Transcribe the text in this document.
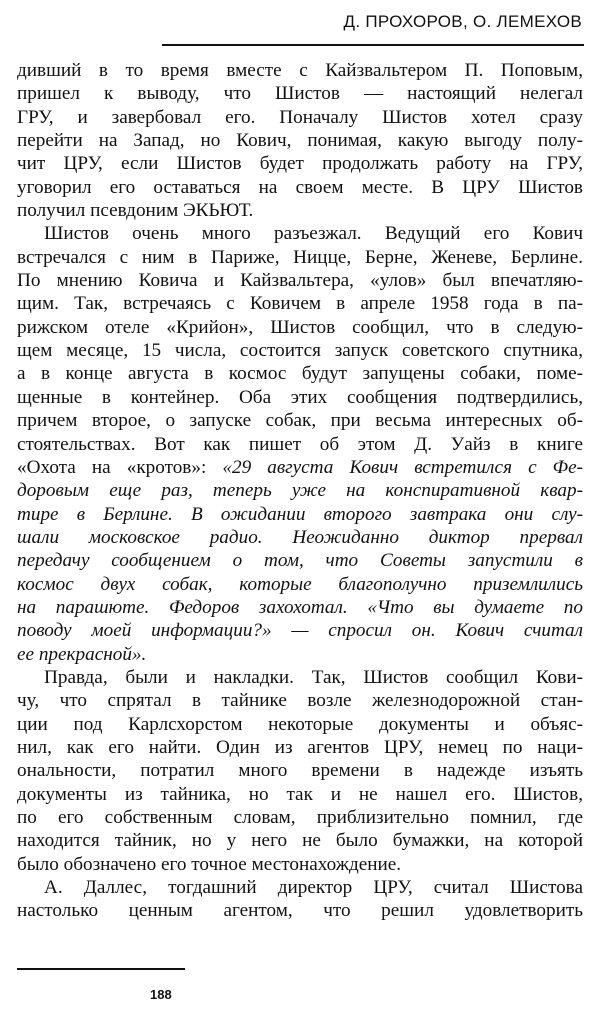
Д. ПРОХОРОВ, О. ЛЕМЕХОВ
дивший в то время вместе с Кайзвальтером П. Поповым,
пришел к выводу, что Шистов — настоящий нелегал
ГРУ, и завербовал его. Поначалу Шистов хотел сразу
перейти на Запад, но Кович, понимая, какую выгоду полу-
чит ЦРУ, если Шистов будет продолжать работу на ГРУ,
уговорил его оставаться на своем месте. В ЦРУ Шистов
получил псевдоним ЭКЬЮТ.
Шистов очень много разъезжал. Ведущий его Кович
встречался с ним в Париже, Ницце, Берне, Женеве, Берлине.
По мнению Ковича и Кайзвальтера, «улов» был впечатляю-
щим. Так, встречаясь с Ковичем в апреле 1958 года в па-
рижском отеле «Крийон», Шистов сообщил, что в следую-
щем месяце, 15 числа, состоится запуск советского спутника,
а в конце августа в космос будут запущены собаки, поме-
щенные в контейнер. Оба этих сообщения подтвердились,
причем второе, о запуске собак, при весьма интересных об-
стоятельствах. Вот как пишет об этом Д. Уайз в книге
«Охота на «кротов»: «29 августа Кович встретился с Фе-
доровым еще раз, теперь уже на конспиративной квар-
тире в Берлине. В ожидании второго завтрака они слу-
шали московское радио. Неожиданно диктор прервал
передачу сообщением о том, что Советы запустили в
космос двух собак, которые благополучно приземлились
на парашюте. Федоров захохотал. «Что вы думаете по
поводу моей информации?» — спросил он. Кович считал
ее прекрасной».
Правда, были и накладки. Так, Шистов сообщил Кови-
чу, что спрятал в тайнике возле железнодорожной стан-
ции под Карлсхорстом некоторые документы и объяс-
нил, как его найти. Один из агентов ЦРУ, немец по наци-
ональности, потратил много времени в надежде изъять
документы из тайника, но так и не нашел его. Шистов,
по его собственным словам, приблизительно помнил, где
находится тайник, но у него не было бумажки, на которой
было обозначено его точное местонахождение.
А. Даллес, тогдашний директор ЦРУ, считал Шистова
настолько ценным агентом, что решил удовлетворить
188
